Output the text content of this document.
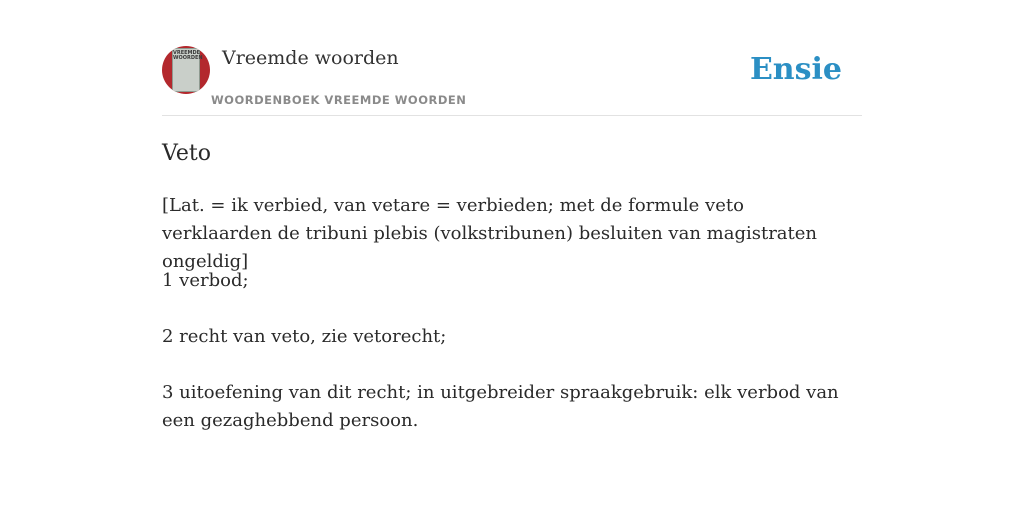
VREEMDE WOORDEN Vreemde woorden
WOORDENBOEK VREEMDE WOORDEN
Ensie
Veto

[Lat. = ik verbied, van vetare = verbieden; met de formule veto verklaarden de tribuni plebis (volkstribunen) besluiten van magistraten ongeldig]

1 verbod;
2 recht van veto, zie vetorecht;
3 uitoefening van dit recht; in uitgebreider spraakgebruik: elk verbod van een gezaghebbend persoon.
